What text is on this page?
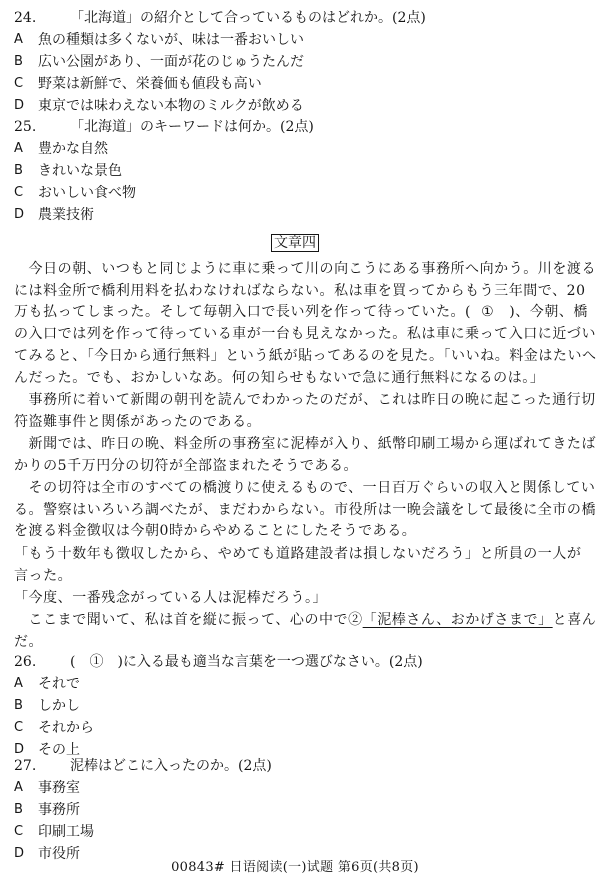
24.	「北海道」の紹介として合っているものはどれか。(2点)
A	魚の種類は多くないが、味は一番おいしい
B	広い公園があり、一面が花のじゅうたんだ
C	野菜は新鮮で、栄養価も値段も高い
D 東京では味わえない本物のミルクが飲める
25.	「北海道」のキーワードは何か。(2点)
A	豊かな自然
B	きれいな景色
C	おいしい食べ物
D 農業技術
文章四

　今日の朝、いつもと同じように車に乗って川の向こうにある事務所へ向かう。川を渡る
には料金所で橋利用料を払わなければならない。私は車を買ってからもう三年間で、20
万も払ってしまった。そして毎朝入口で長い列を作って待っていた。( ① )、今朝、橋
の入口では列を作って待っている車が一台も見えなかった。私は車に乗って入口に近づい
てみると、「今日から通行無料」という紙が貼ってあるのを見た。「いいね。料金はたいへ
んだった。でも、おかしいなあ。何の知らせもないで急に通行無料になるのは。」

　事務所に着いて新聞の朝刊を読んでわかったのだが、これは昨日の晩に起こった通行切
符盗難事件と関係があったのである。

　新聞では、昨日の晩、料金所の事務室に泥棒が入り、紙幣印刷工場から運ばれてきたば
かりの5千万円分の切符が全部盗まれたそうである。

　その切符は全市のすべての橋渡りに使えるもので、一日百万ぐらいの収入と関係してい
る。警察はいろいろ調べたが、まだわからない。市役所は一晩会議をして最後に全市の橋
を渡る料金徴収は今朝0時からやめることにしたそうである。

「もう十数年も徴収したから、やめても道路建設者は損しないだろう」と所員の一人が
言った。

「今度、一番残念がっている人は泥棒だろう。」

　ここまで聞いて、私は首を縦に振って、心の中で②「泥棒さん、おかげさまで」と喜ん
だ。

26.	(　①　)に入る最も適当な言葉を一つ選びなさい。(2点)
A	それで
B	しかし
C	それから
D その上
27.	泥棒はどこに入ったのか。(2点)
A	事務室
B	事務所
C	印刷工場
D 市役所
00843# 日语阅读(一)试题 第6页(共8页)
